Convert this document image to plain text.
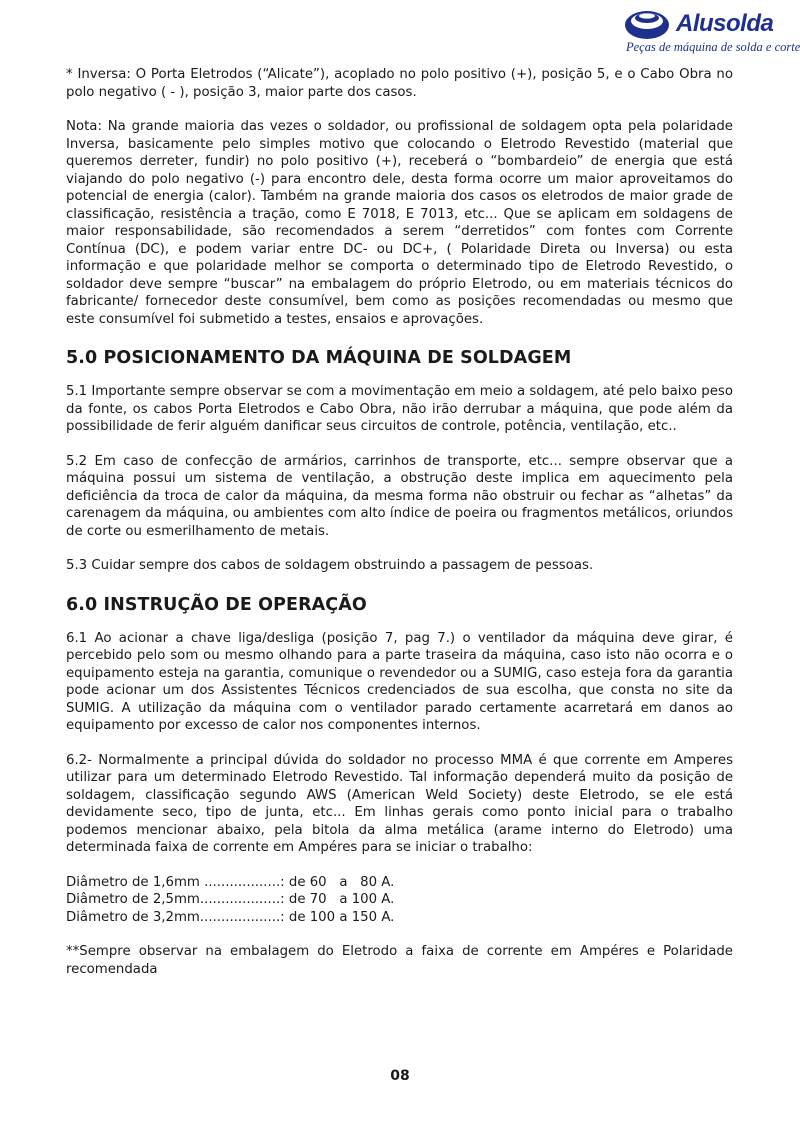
Alusolda
Peças de máquina de solda e corte

* Inversa: O Porta Eletrodos (“Alicate”), acoplado no polo positivo (+), posição 5, e o Cabo Obra no polo negativo ( - ), posição 3, maior parte dos casos.

Nota: Na grande maioria das vezes o soldador, ou profissional de soldagem opta pela polaridade Inversa, basicamente pelo simples motivo que colocando o Eletrodo Revestido (material que queremos derreter, fundir) no polo positivo (+), receberá o “bombardeio” de energia que está viajando do polo negativo (-) para encontro dele, desta forma ocorre um maior aproveitamos do potencial de energia (calor). Também na grande maioria dos casos os eletrodos de maior grade de classificação, resistência a tração, como E 7018, E 7013, etc... Que se aplicam em soldagens de maior responsabilidade, são recomendados a serem “derretidos” com fontes com Corrente Contínua (DC), e podem variar entre DC- ou DC+, ( Polaridade Direta ou Inversa) ou esta informação e que polaridade melhor se comporta o determinado tipo de Eletrodo Revestido, o soldador deve sempre “buscar” na embalagem do próprio Eletrodo, ou em materiais técnicos do fabricante/ fornecedor deste consumível, bem como as posições recomendadas ou mesmo que este consumível foi submetido a testes, ensaios e aprovações.

5.0 POSICIONAMENTO DA MÁQUINA DE SOLDAGEM

5.1 Importante sempre observar se com a movimentação em meio a soldagem, até pelo baixo peso da fonte, os cabos Porta Eletrodos e Cabo Obra, não irão derrubar a máquina, que pode além da possibilidade de ferir alguém danificar seus circuitos de controle, potência, ventilação, etc..

5.2 Em caso de confecção de armários, carrinhos de transporte, etc... sempre observar que a máquina possui um sistema de ventilação, a obstrução deste implica em aquecimento pela deficiência da troca de calor da máquina, da mesma forma não obstruir ou fechar as “alhetas” da carenagem da máquina, ou ambientes com alto índice de poeira ou fragmentos metálicos, oriundos de corte ou esmerilhamento de metais.

5.3 Cuidar sempre dos cabos de soldagem obstruindo a passagem de pessoas.

6.0 INSTRUÇÃO DE OPERAÇÃO

6.1 Ao acionar a chave liga/desliga (posição 7, pag 7.) o ventilador da máquina deve girar, é percebido pelo som ou mesmo olhando para a parte traseira da máquina, caso isto não ocorra e o equipamento esteja na garantia, comunique o revendedor ou a SUMIG, caso esteja fora da garantia pode acionar um dos Assistentes Técnicos credenciados de sua escolha, que consta no site da SUMIG. A utilização da máquina com o ventilador parado certamente acarretará em danos ao equipamento por excesso de calor nos componentes internos.

6.2- Normalmente a principal dúvida do soldador no processo MMA é que corrente em Amperes utilizar para um determinado Eletrodo Revestido. Tal informação dependerá muito da posição de soldagem, classificação segundo AWS (American Weld Society) deste Eletrodo, se ele está devidamente seco, tipo de junta, etc... Em linhas gerais como ponto inicial para o trabalho podemos mencionar abaixo, pela bitola da alma metálica (arame interno do Eletrodo) uma determinada faixa de corrente em Ampéres para se iniciar o trabalho:

Diâmetro de 1,6mm ..................: de 60   a   80 A.

Diâmetro de 2,5mm...................: de 70   a 100 A.

Diâmetro de 3,2mm...................: de 100 a 150 A.

**Sempre observar na embalagem do Eletrodo a faixa de corrente em Ampéres e Polaridade recomendada

08
